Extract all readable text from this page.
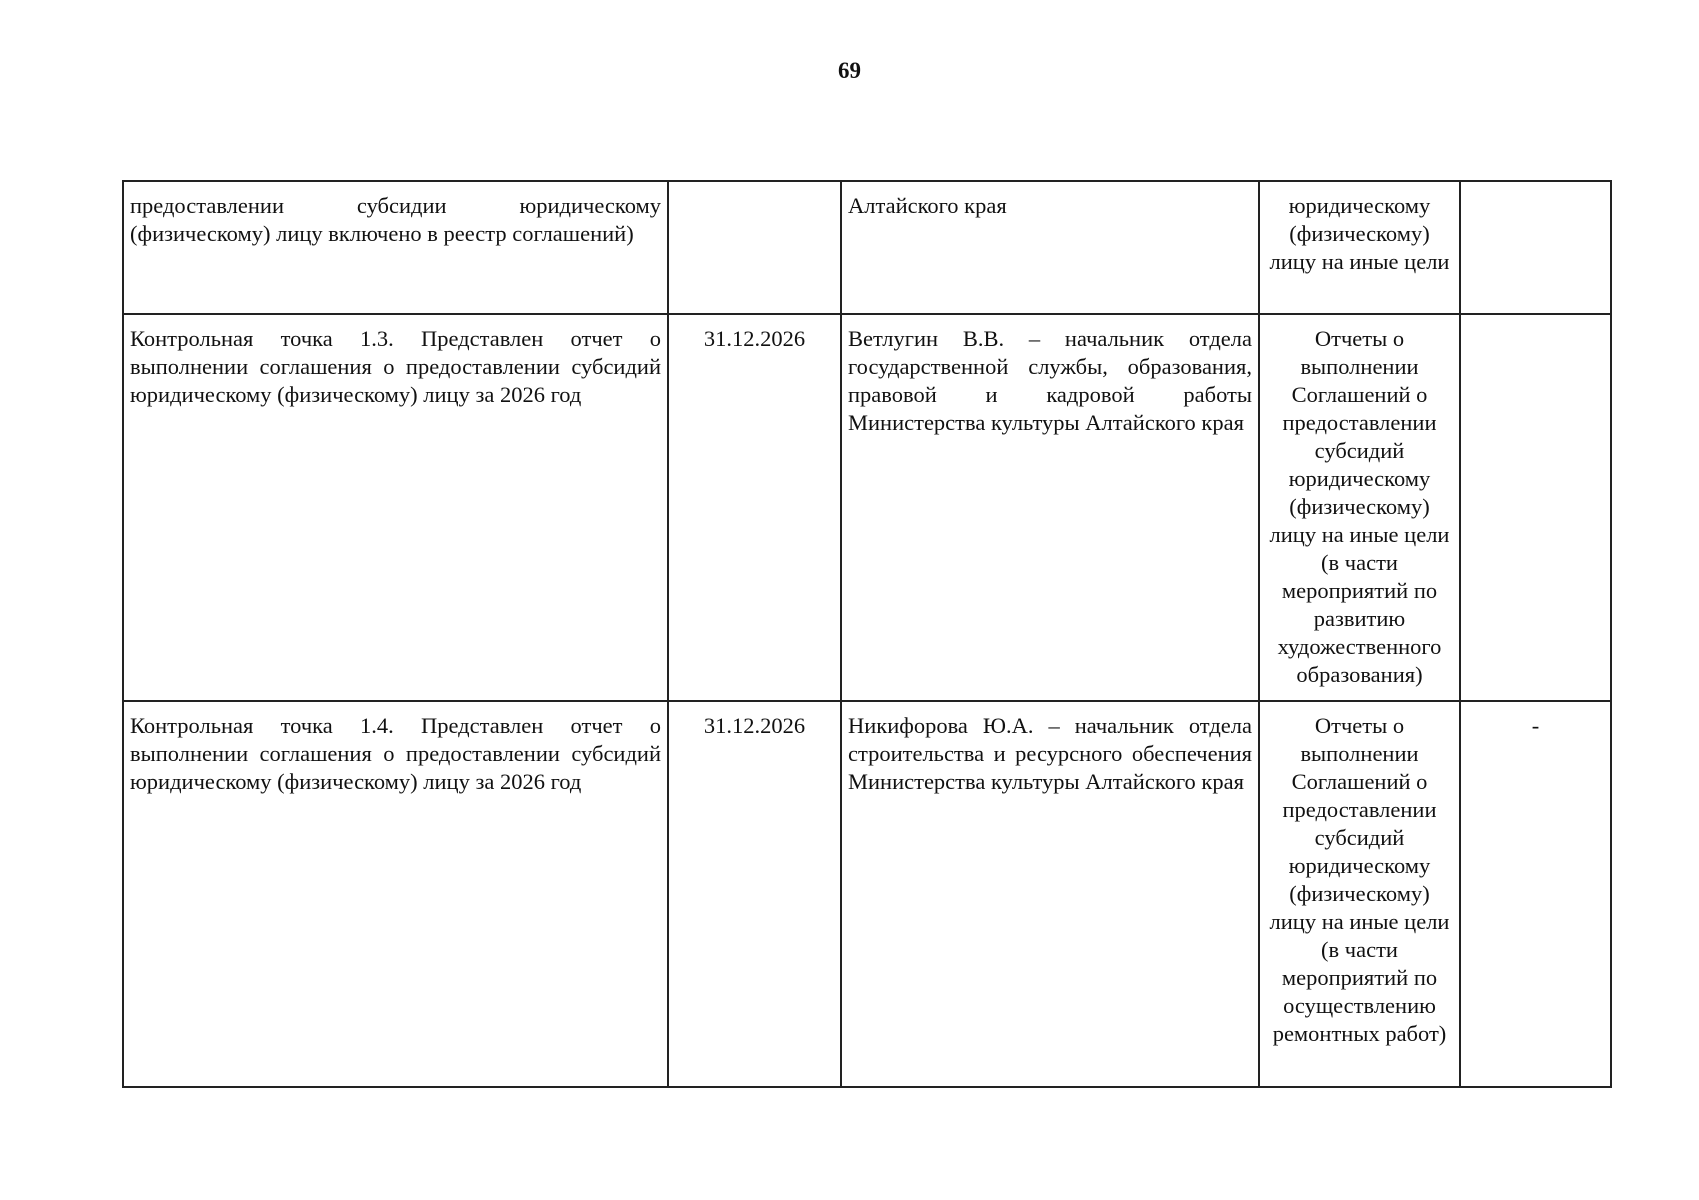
69
предоставлении субсидии юридическому (физическому) лицу включено в реестр соглашений)		Алтайского края	юридическому (физическому) лицу на иные цели	
Контрольная точка 1.3. Представлен отчет о выполнении соглашения о предоставлении субсидий юридическому (физическому) лицу за 2026 год	31.12.2026	Ветлугин В.В. – начальник отдела государственной службы, образования, правовой и кадровой работы Министерства культуры Алтайского края	Отчеты о выполнении Соглашений о предоставлении субсидий юридическому (физическому) лицу на иные цели (в части мероприятий по развитию художественного образования)	
Контрольная точка 1.4. Представлен отчет о выполнении соглашения о предоставлении субсидий юридическому (физическому) лицу за 2026 год	31.12.2026	Никифорова Ю.А. – начальник отдела строительства и ресурсного обеспечения Министерства культуры Алтайского края	Отчеты о выполнении Соглашений о предоставлении субсидий юридическому (физическому) лицу на иные цели (в части мероприятий по осуществлению ремонтных работ)	-
